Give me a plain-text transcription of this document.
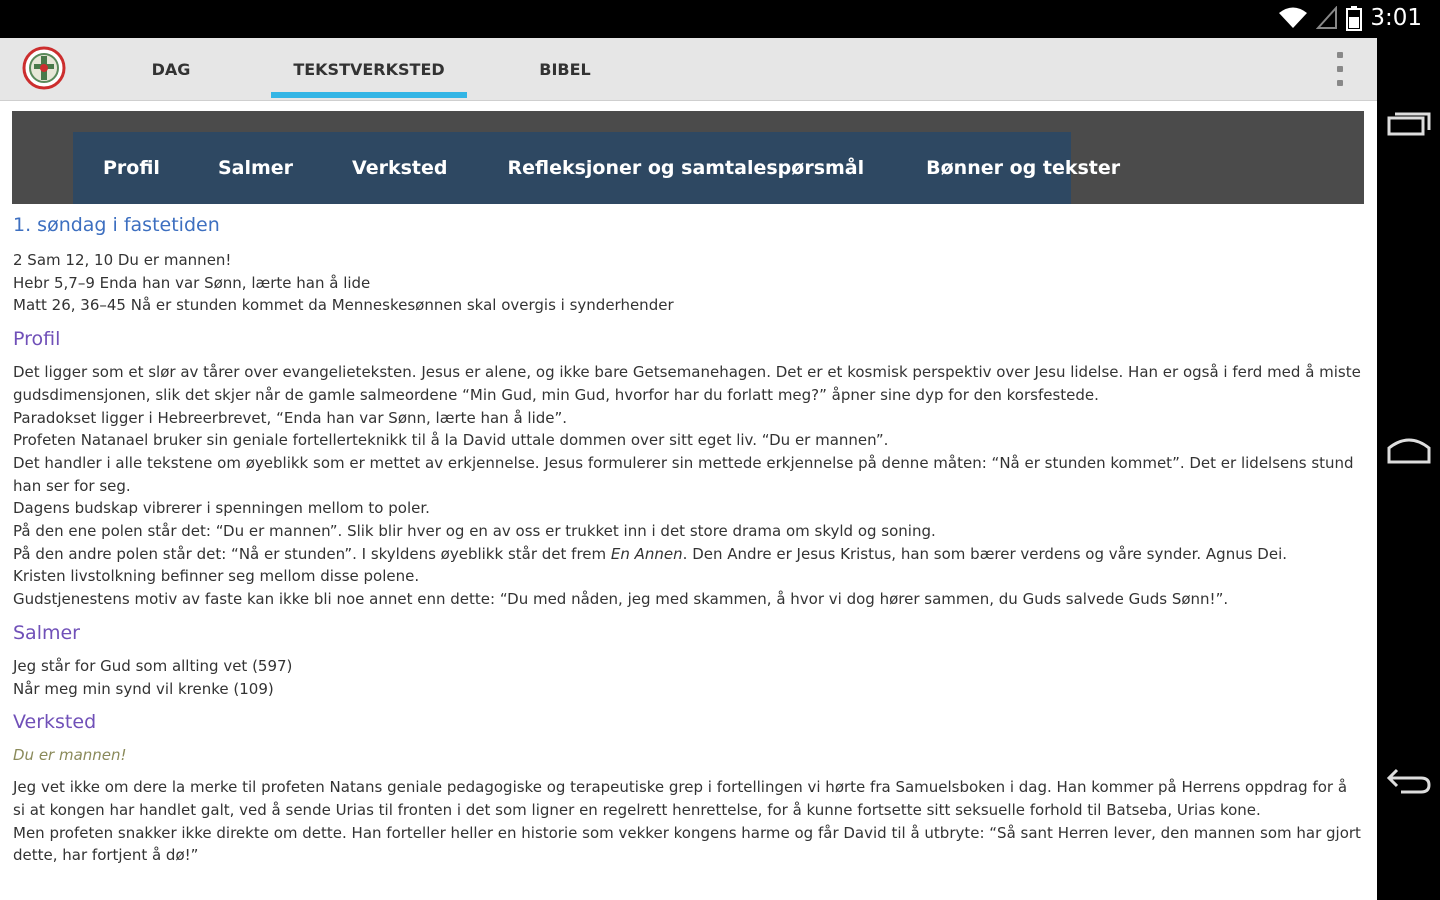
3:01
DAG	TEKSTVERKSTED	BIBEL
Profil	Salmer	Verksted	Refleksjoner og samtalespørsmål	Bønner og tekster
1. søndag i fastetiden

2 Sam 12, 10 Du er mannen!

Hebr 5,7–9 Enda han var Sønn, lærte han å lide

Matt 26, 36–45 Nå er stunden kommet da Menneskesønnen skal overgis i synderhender

Profil

Det ligger som et slør av tårer over evangelieteksten. Jesus er alene, og ikke bare Getsemanehagen. Det er et kosmisk perspektiv over Jesu lidelse. Han er også i ferd med å miste gudsdimensjonen, slik det skjer når de gamle salmeordene “Min Gud, min Gud, hvorfor har du forlatt meg?” åpner sine dyp for den korsfestede.

Paradokset ligger i Hebreerbrevet, “Enda han var Sønn, lærte han å lide”.

Profeten Natanael bruker sin geniale fortellerteknikk til å la David uttale dommen over sitt eget liv. “Du er mannen”.

Det handler i alle tekstene om øyeblikk som er mettet av erkjennelse. Jesus formulerer sin mettede erkjennelse på denne måten: “Nå er stunden kommet”. Det er lidelsens stund han ser for seg.

Dagens budskap vibrerer i spenningen mellom to poler.

På den ene polen står det: “Du er mannen”. Slik blir hver og en av oss er trukket inn i det store drama om skyld og soning.

På den andre polen står det: “Nå er stunden”. I skyldens øyeblikk står det frem En Annen. Den Andre er Jesus Kristus, han som bærer verdens og våre synder. Agnus Dei.

Kristen livstolkning befinner seg mellom disse polene.

Gudstjenestens motiv av faste kan ikke bli noe annet enn dette: “Du med nåden, jeg med skammen, å hvor vi dog hører sammen, du Guds salvede Guds Sønn!”.

Salmer

Jeg står for Gud som allting vet (597)

Når meg min synd vil krenke (109)

Verksted

Du er mannen!

Jeg vet ikke om dere la merke til profeten Natans geniale pedagogiske og terapeutiske grep i fortellingen vi hørte fra Samuelsboken i dag. Han kommer på Herrens oppdrag for å si at kongen har handlet galt, ved å sende Urias til fronten i det som ligner en regelrett henrettelse, for å kunne fortsette sitt seksuelle forhold til Batseba, Urias kone.

Men profeten snakker ikke direkte om dette. Han forteller heller en historie som vekker kongens harme og får David til å utbryte: “Så sant Herren lever, den mannen som har gjort dette, har fortjent å dø!”
